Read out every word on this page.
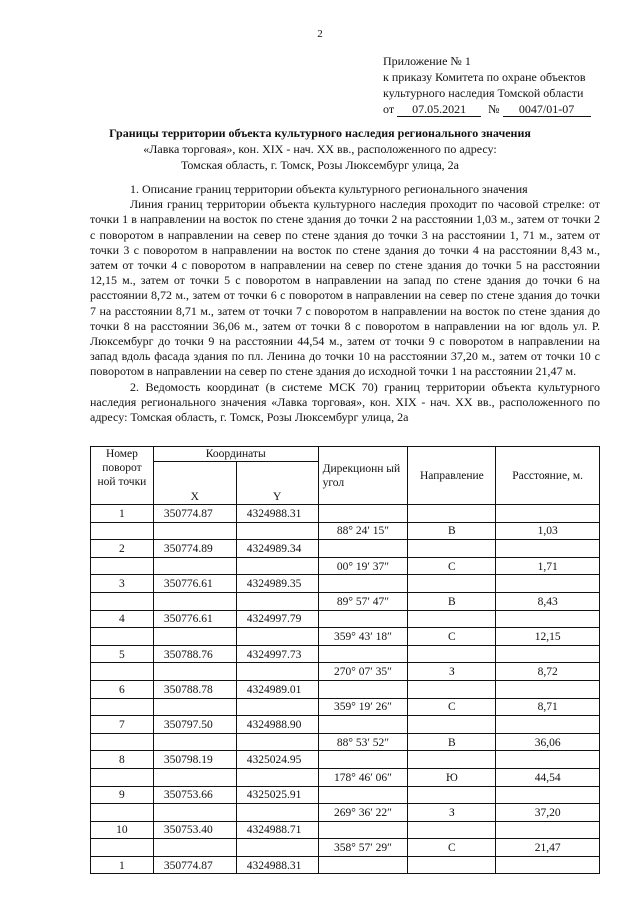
2
Приложение № 1
к приказу Комитета по охране объектов
культурного наследия Томской области
от 07.05.2021 № 0047/01-07
Границы территории объекта культурного наследия регионального значения
«Лавка торговая», кон. XIX - нач. XX вв., расположенного по адресу:
Томская область, г. Томск, Розы Люксембург улица, 2а

1. Описание границ территории объекта культурного регионального значения

Линия границ территории объекта культурного наследия проходит по часовой стрелке: от точки 1 в направлении на восток по стене здания до точки 2 на расстоянии 1,03 м., затем от точки 2 с поворотом в направлении на север по стене здания до точки 3 на расстоянии 1, 71 м., затем от точки 3 с поворотом в направлении на восток по стене здания до точки 4 на расстоянии 8,43 м., затем от точки 4 с поворотом в направлении на север по стене здания до точки 5 на расстоянии 12,15 м., затем от точки 5 с поворотом в направлении на запад по стене здания до точки 6 на расстоянии 8,72 м., затем от точки 6 с поворотом в направлении на север по стене здания до точки 7 на расстоянии 8,71 м., затем от точки 7 с поворотом в направлении на восток по стене здания до точки 8 на расстоянии 36,06 м., затем от точки 8 с поворотом в направлении на юг вдоль ул. Р. Люксембург до точки 9 на расстоянии 44,54 м., затем от точки 9 с поворотом в направлении на запад вдоль фасада здания по пл. Ленина до точки 10 на расстоянии 37,20 м., затем от точки 10 с поворотом в направлении на север по стене здания до исходной точки 1 на расстоянии 21,47 м.

2. Ведомость координат (в системе МСК 70) границ территории объекта культурного наследия регионального значения «Лавка торговая», кон. XIX - нач. XX вв., расположенного по адресу: Томская область, г. Томск, Розы Люксембург улица, 2а

Номер поворот ной точки	Координаты		Дирекционн ый угол	Направление	Расстояние, м.
	X	Y			
1	350774.87	4324988.31			
			88° 24′ 15″	В	1,03
2	350774.89	4324989.34			
			00° 19′ 37″	С	1,71
3	350776.61	4324989.35			
			89° 57′ 47″	В	8,43
4	350776.61	4324997.79			
			359° 43′ 18″	С	12,15
5	350788.76	4324997.73			
			270° 07′ 35″	З	8,72
6	350788.78	4324989.01			
			359° 19′ 26″	С	8,71
7	350797.50	4324988.90			
			88° 53′ 52″	В	36,06
8	350798.19	4325024.95			
			178° 46′ 06″	Ю	44,54
9	350753.66	4325025.91			
			269° 36′ 22″	З	37,20
10	350753.40	4324988.71			
			358° 57′ 29″	С	21,47
1	350774.87	4324988.31			
